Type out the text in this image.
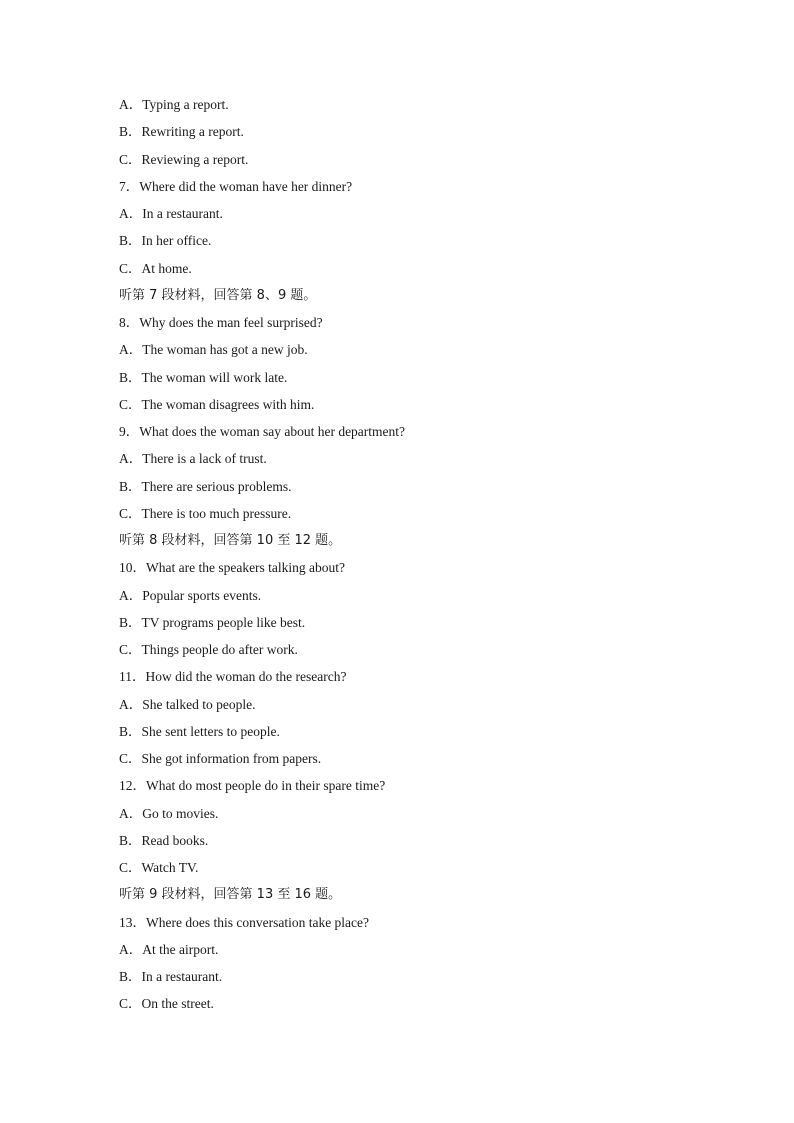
A．Typing a report.
B．Rewriting a report.
C．Reviewing a report.
7．Where did the woman have her dinner?
A．In a restaurant.
B．In her office.
C．At home.
听第 7 段材料，回答第 8、9 题。
8．Why does the man feel surprised?
A．The woman has got a new job.
B．The woman will work late.
C．The woman disagrees with him.
9．What does the woman say about her department?
A．There is a lack of trust.
B．There are serious problems.
C．There is too much pressure.
听第 8 段材料，回答第 10 至 12 题。
10．What are the speakers talking about?
A．Popular sports events.
B．TV programs people like best.
C．Things people do after work.
11．How did the woman do the research?
A．She talked to people.
B．She sent letters to people.
C．She got information from papers.
12．What do most people do in their spare time?
A．Go to movies.
B．Read books.
C．Watch TV.
听第 9 段材料，回答第 13 至 16 题。
13．Where does this conversation take place?
A．At the airport.
B．In a restaurant.
C．On the street.
